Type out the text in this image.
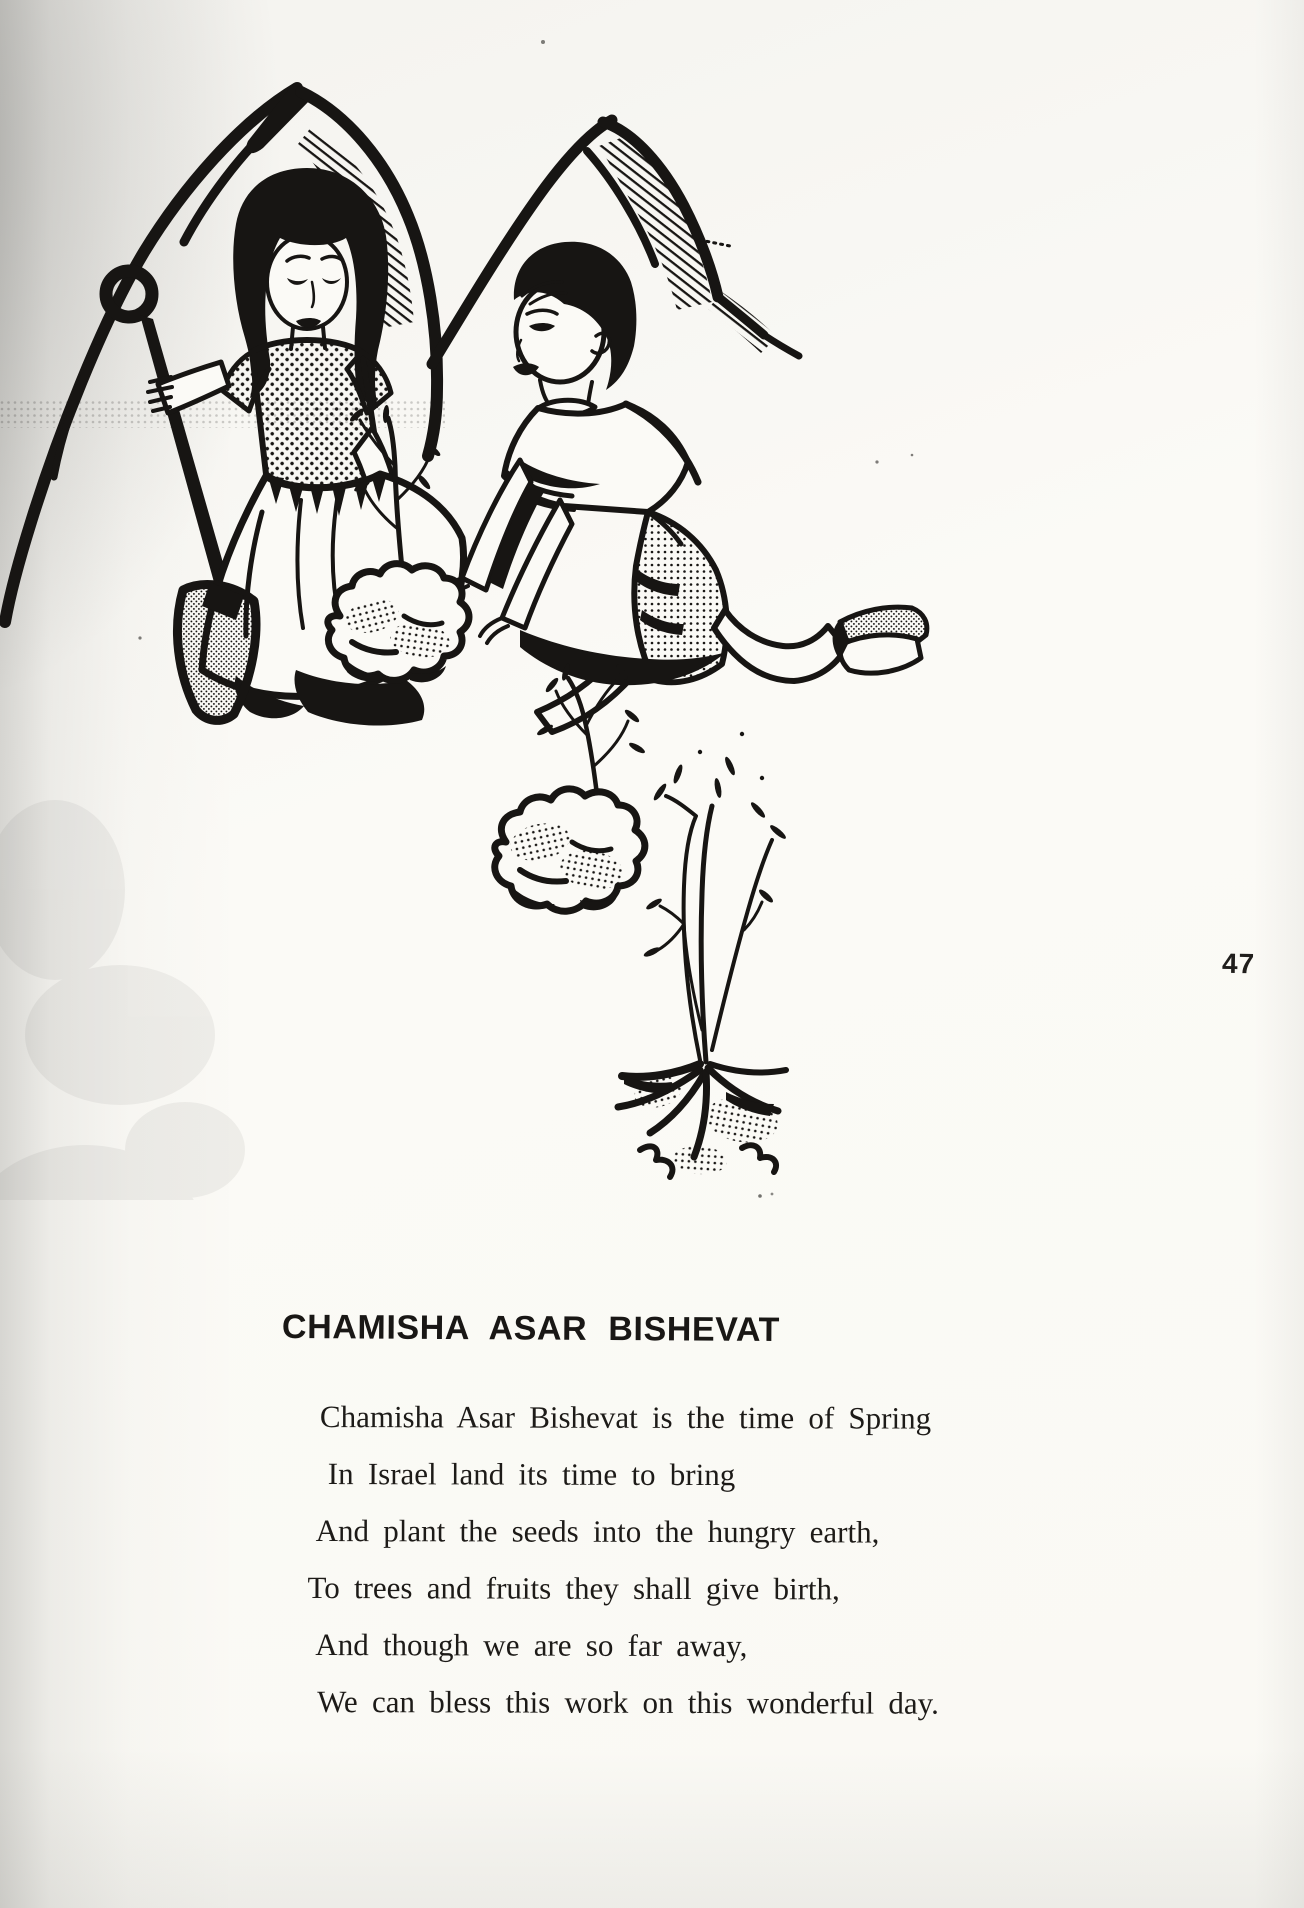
47
CHAMISHA ASAR BISHEVAT

Chamisha Asar Bishevat is the time of Spring

In Israel land its time to bring

And plant the seeds into the hungry earth,

To trees and fruits they shall give birth,

And though we are so far away,

We can bless this work on this wonderful day.
